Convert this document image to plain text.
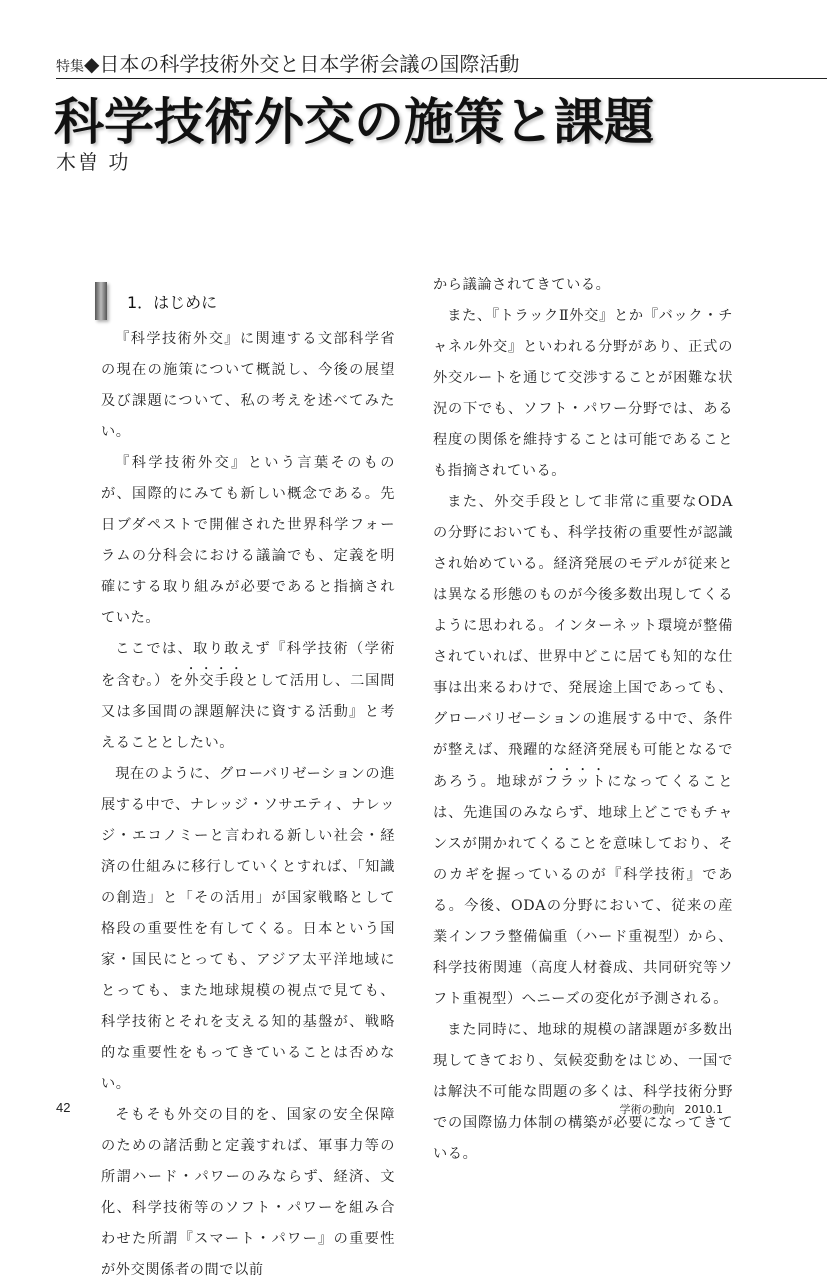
特集◆日本の科学技術外交と日本学術会議の国際活動
科学技術外交の施策と課題
木曽 功
1．はじめに

『科学技術外交』に関連する文部科学省の現在の施策について概説し、今後の展望及び課題について、私の考えを述べてみたい。

『科学技術外交』という言葉そのものが、国際的にみても新しい概念である。先日ブダペストで開催された世界科学フォーラムの分科会における議論でも、定義を明確にする取り組みが必要であると指摘されていた。

ここでは、取り敢えず『科学技術（学術を含む。）を外交手段として活用し、二国間又は多国間の課題解決に資する活動』と考えることとしたい。

現在のように、グローバリゼーションの進展する中で、ナレッジ・ソサエティ、ナレッジ・エコノミーと言われる新しい社会・経済の仕組みに移行していくとすれば、「知識の創造」と「その活用」が国家戦略として格段の重要性を有してくる。日本という国家・国民にとっても、アジア太平洋地域にとっても、また地球規模の視点で見ても、科学技術とそれを支える知的基盤が、戦略的な重要性をもってきていることは否めない。

そもそも外交の目的を、国家の安全保障のための諸活動と定義すれば、軍事力等の所謂ハード・パワーのみならず、経済、文化、科学技術等のソフト・パワーを組み合わせた所謂『スマート・パワー』の重要性が外交関係者の間で以前

から議論されてきている。

また、『トラックⅡ外交』とか『バック・チャネル外交』といわれる分野があり、正式の外交ルートを通じて交渉することが困難な状況の下でも、ソフト・パワー分野では、ある程度の関係を維持することは可能であることも指摘されている。

また、外交手段として非常に重要なODAの分野においても、科学技術の重要性が認識され始めている。経済発展のモデルが従来とは異なる形態のものが今後多数出現してくるように思われる。インターネット環境が整備されていれば、世界中どこに居ても知的な仕事は出来るわけで、発展途上国であっても、グローバリゼーションの進展する中で、条件が整えば、飛躍的な経済発展も可能となるであろう。地球がフラットになってくることは、先進国のみならず、地球上どこでもチャンスが開かれてくることを意味しており、そのカギを握っているのが『科学技術』である。今後、ODAの分野において、従来の産業インフラ整備偏重（ハード重視型）から、科学技術関連（高度人材養成、共同研究等ソフト重視型）へニーズの変化が予測される。

また同時に、地球的規模の諸課題が多数出現してきており、気候変動をはじめ、一国では解決不可能な問題の多くは、科学技術分野での国際協力体制の構築が必要になってきている。

42	学術の動向 2010.1
